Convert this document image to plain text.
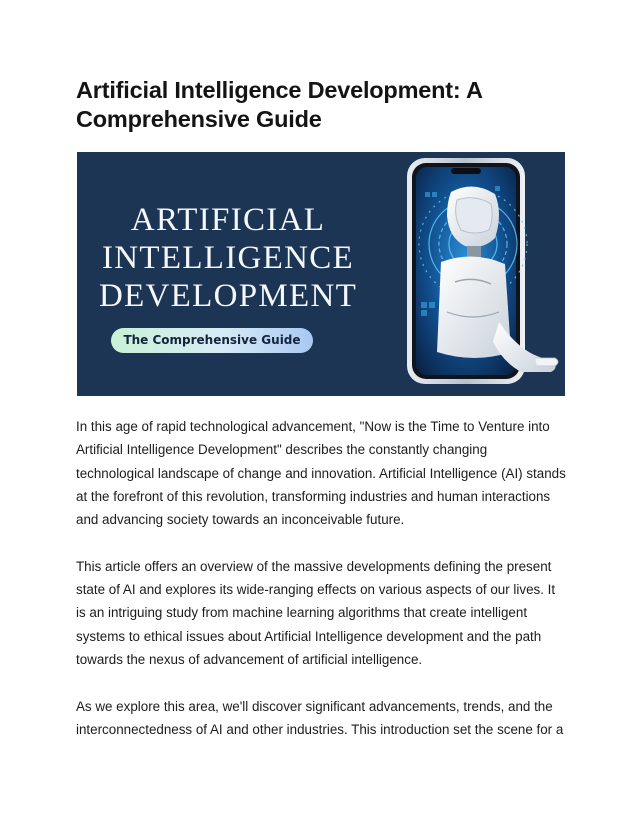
Artificial Intelligence Development: A Comprehensive Guide
ARTIFICIAL
INTELLIGENCE
DEVELOPMENT
The Comprehensive Guide

In this age of rapid technological advancement, "Now is the Time to Venture into Artificial Intelligence Development" describes the constantly changing technological landscape of change and innovation. Artificial Intelligence (AI) stands at the forefront of this revolution, transforming industries and human interactions and advancing society towards an inconceivable future.

This article offers an overview of the massive developments defining the present state of AI and explores its wide-ranging effects on various aspects of our lives. It is an intriguing study from machine learning algorithms that create intelligent systems to ethical issues about Artificial Intelligence development and the path towards the nexus of advancement of artificial intelligence.

As we explore this area, we'll discover significant advancements, trends, and the interconnectedness of AI and other industries. This introduction set the scene for a
